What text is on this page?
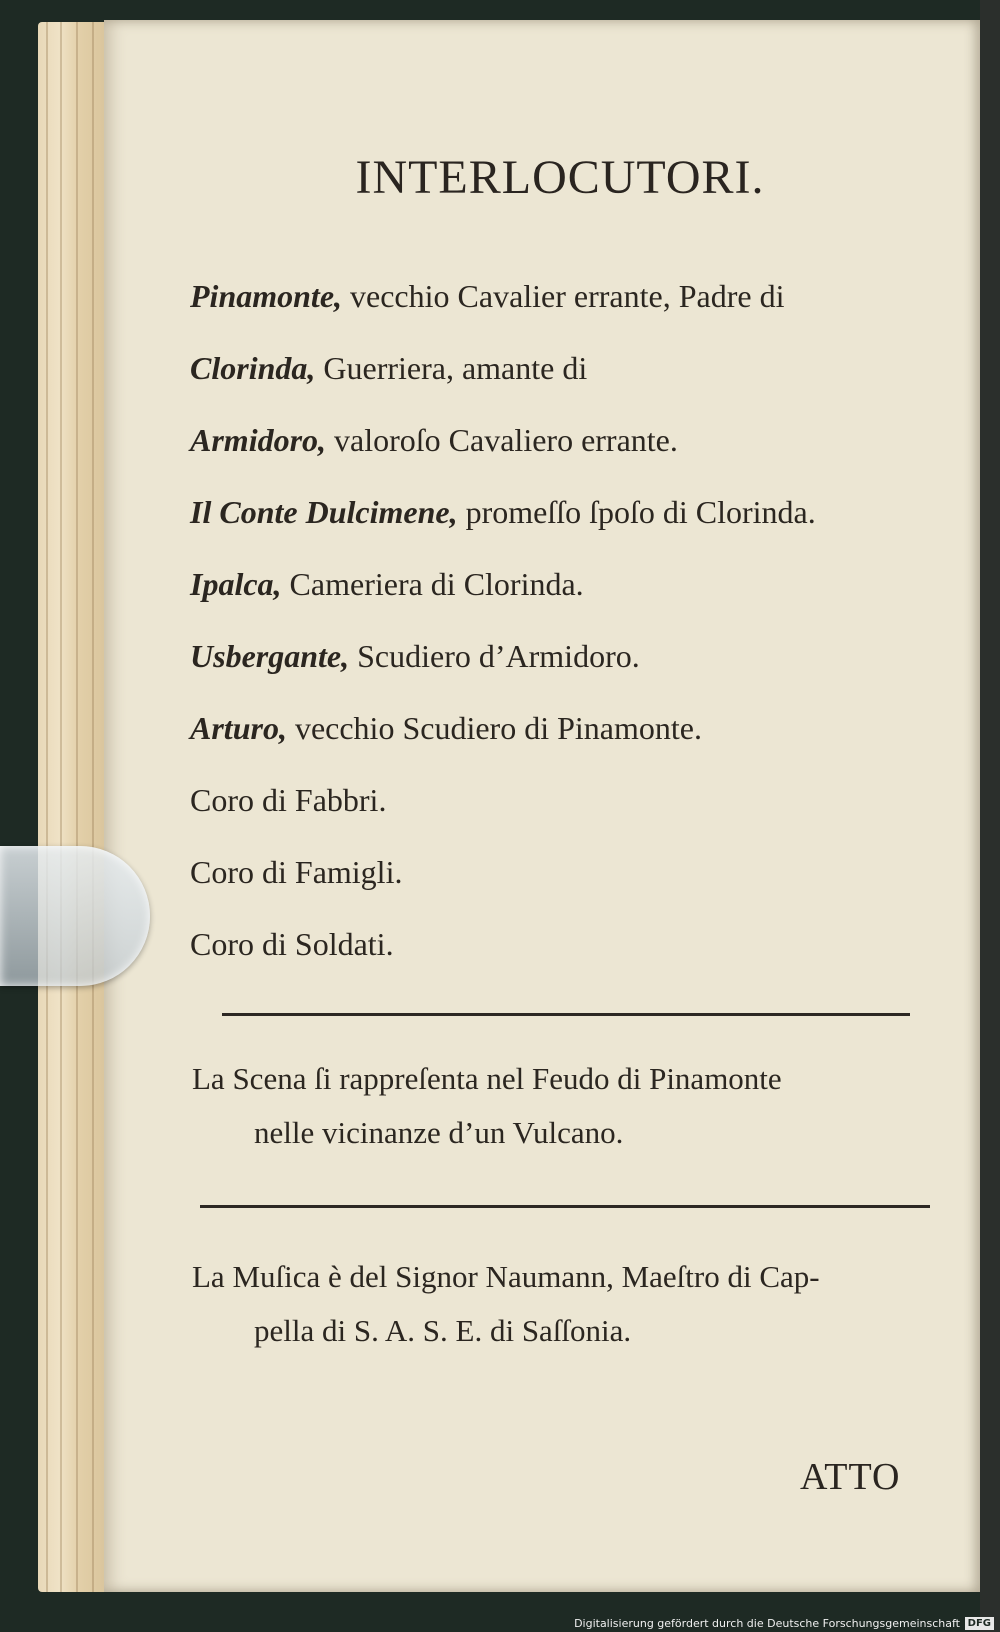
INTERLOCUTORI.
Pinamonte, vecchio Cavalier errante, Padre di
Clorinda, Guerriera, amante di
Armidoro, valoroſo Cavaliero errante.
Il Conte Dulcimene, promeſſo ſpoſo di Clorinda.
Ipalca, Cameriera di Clorinda.
Usbergante, Scudiero d’Armidoro.
Arturo, vecchio Scudiero di Pinamonte.
Coro di Fabbri.
Coro di Famigli.
Coro di Soldati.
La Scena ſi rappreſenta nel Feudo di Pinamonte
nelle vicinanze d’un Vulcano.
La Muſica è del Signor Naumann, Maeſtro di Cap-
pella di S. A. S. E. di Saſſonia.
ATTO
Digitalisierung gefördert durch die Deutsche Forschungsgemeinschaft DFG
